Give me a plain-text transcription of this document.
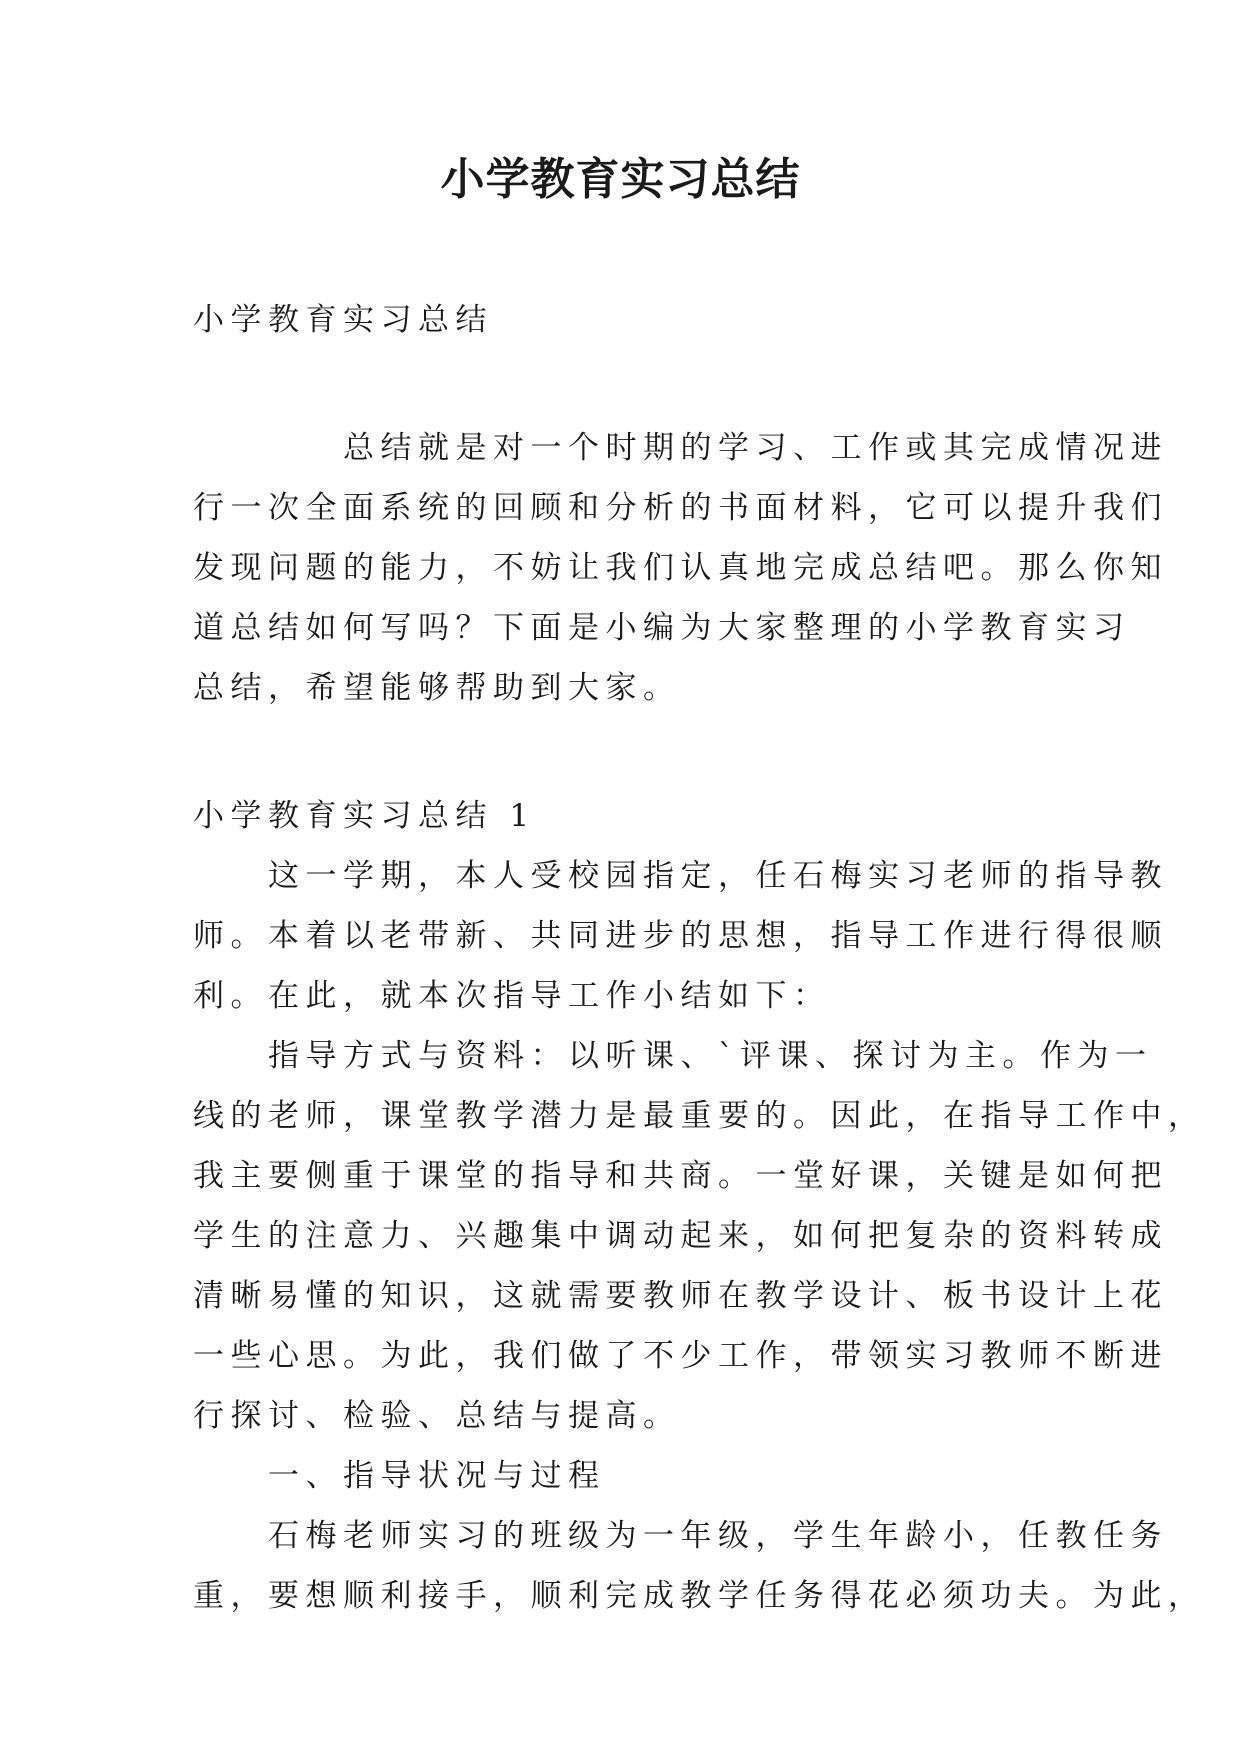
小学教育实习总结

小学教育实习总结

　　　　总结就是对一个时期的学习、工作或其完成情况进

行一次全面系统的回顾和分析的书面材料，它可以提升我们

发现问题的能力，不妨让我们认真地完成总结吧。那么你知

道总结如何写吗？下面是小编为大家整理的小学教育实习

总结，希望能够帮助到大家。

小学教育实习总结 1

　　这一学期，本人受校园指定，任石梅实习老师的指导教

师。本着以老带新、共同进步的思想，指导工作进行得很顺

利。在此，就本次指导工作小结如下：

　　指导方式与资料：以听课、`评课、探讨为主。作为一

线的老师，课堂教学潜力是最重要的。因此，在指导工作中，

我主要侧重于课堂的指导和共商。一堂好课，关键是如何把

学生的注意力、兴趣集中调动起来，如何把复杂的资料转成

清晰易懂的知识，这就需要教师在教学设计、板书设计上花

一些心思。为此，我们做了不少工作，带领实习教师不断进

行探讨、检验、总结与提高。

　　一、指导状况与过程

　　石梅老师实习的班级为一年级，学生年龄小，任教任务

重，要想顺利接手，顺利完成教学任务得花必须功夫。为此，
